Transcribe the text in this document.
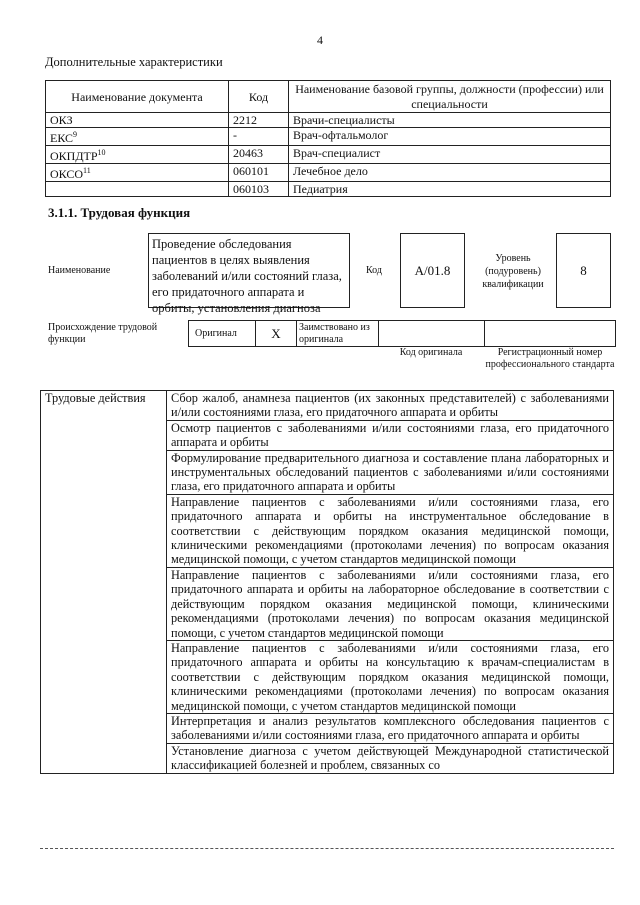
4
Дополнительные характеристики
Наименование документа	Код	Наименование базовой группы, должности (профессии) или специальности
ОКЗ	2212	Врачи-специалисты
ЕКС$^9$	-	Врач-офтальмолог
ОКПДТР$^{10}$	20463	Врач-специалист
ОКСО$^{11}$	060101	Лечебное дело
	060103	Педиатрия
3.1.1. Трудовая функция
Наименование
Проведение обследования пациентов в целях выявления заболеваний и/или состояний глаза, его придаточного аппарата и орбиты, установления диагноза
Код	A/01.8
Уровень (подуровень) квалификации
8
Происхождение трудовой функции
Оригинал	X	Заимствовано из оригинала
Код оригинала	Регистрационный номер профессионального стандарта
Трудовые действия	Сбор жалоб, анамнеза пациентов (их законных представителей) с заболеваниями и/или состояниями глаза, его придаточного аппарата и орбиты
Осмотр пациентов с заболеваниями и/или состояниями глаза, его придаточного аппарата и орбиты
Формулирование предварительного диагноза и составление плана лабораторных и инструментальных обследований пациентов с заболеваниями и/или состояниями глаза, его придаточного аппарата и орбиты
Направление пациентов с заболеваниями и/или состояниями глаза, его придаточного аппарата и орбиты на инструментальное обследование в соответствии с действующим порядком оказания медицинской помощи, клиническими рекомендациями (протоколами лечения) по вопросам оказания медицинской помощи, с учетом стандартов медицинской помощи
Направление пациентов с заболеваниями и/или состояниями глаза, его придаточного аппарата и орбиты на лабораторное обследование в соответствии с действующим порядком оказания медицинской помощи, клиническими рекомендациями (протоколами лечения) по вопросам оказания медицинской помощи, с учетом стандартов медицинской помощи
Направление пациентов с заболеваниями и/или состояниями глаза, его придаточного аппарата и орбиты на консультацию к врачам-специалистам в соответствии с действующим порядком оказания медицинской помощи, клиническими рекомендациями (протоколами лечения) по вопросам оказания медицинской помощи, с учетом стандартов медицинской помощи
Интерпретация и анализ результатов комплексного обследования пациентов с заболеваниями и/или состояниями глаза, его придаточного аппарата и орбиты
Установление диагноза с учетом действующей Международной статистической классификацией болезней и проблем, связанных со
